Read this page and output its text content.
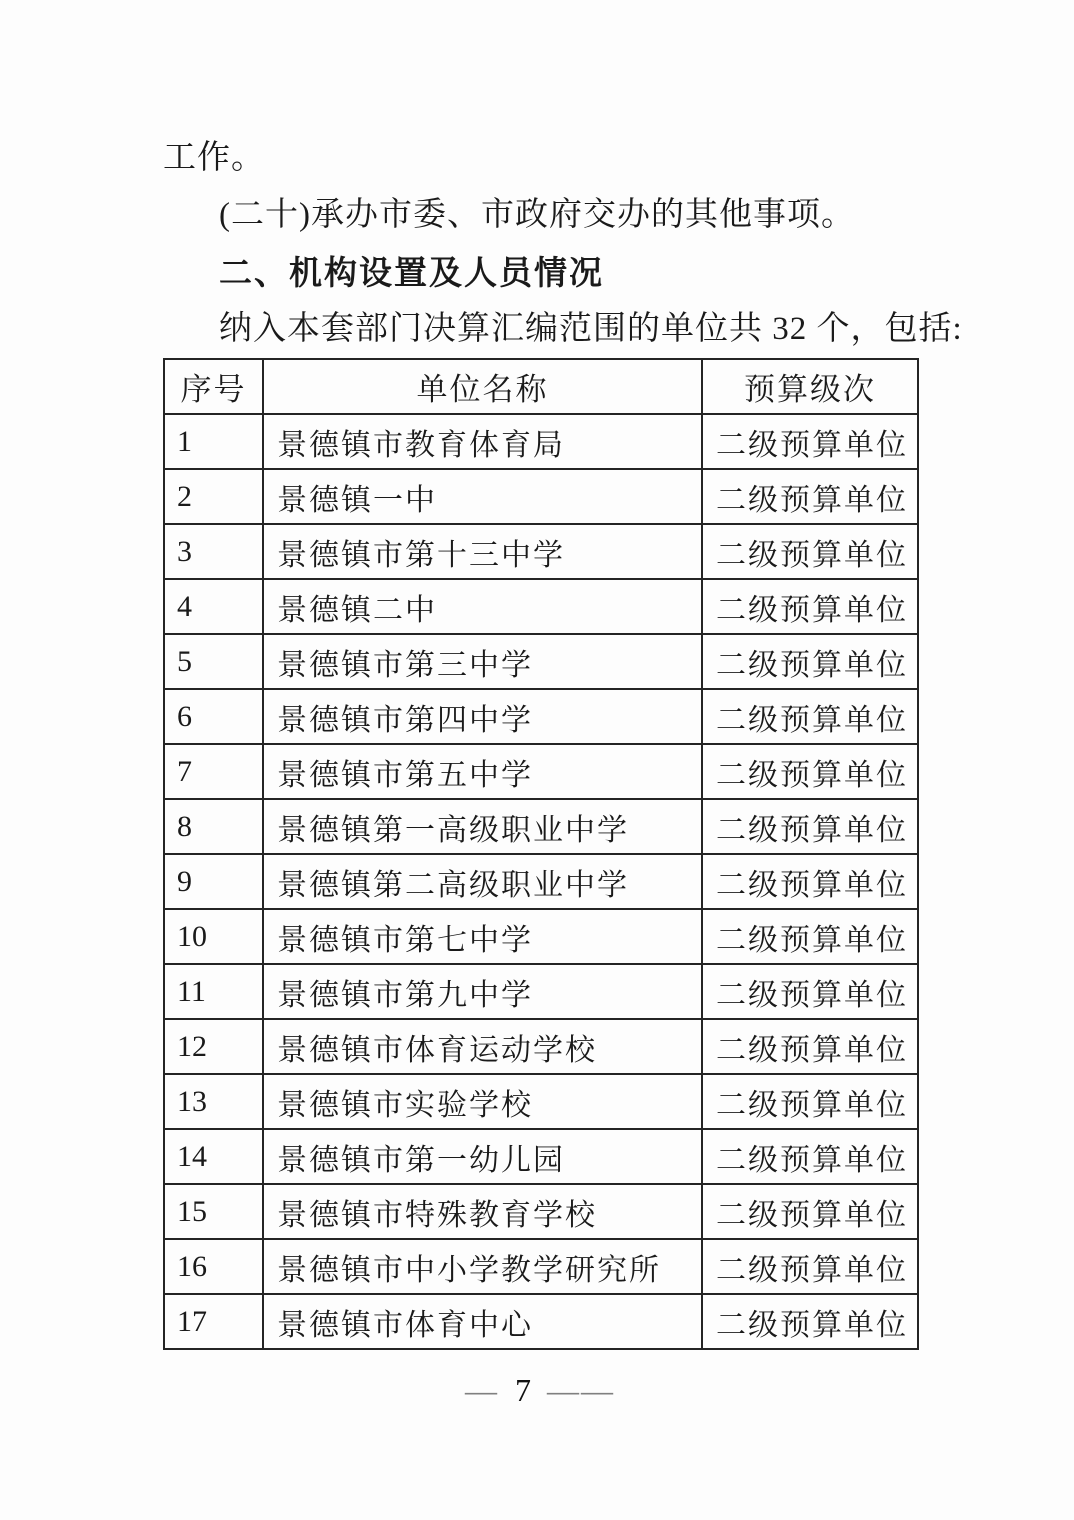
工作。

(二十)承办市委、市政府交办的其他事项。

二、机构设置及人员情况

纳入本套部门决算汇编范围的单位共 32 个，包括:

序号	单位名称	预算级次
1	景德镇市教育体育局	二级预算单位
2	景德镇一中	二级预算单位
3	景德镇市第十三中学	二级预算单位
4	景德镇二中	二级预算单位
5	景德镇市第三中学	二级预算单位
6	景德镇市第四中学	二级预算单位
7	景德镇市第五中学	二级预算单位
8	景德镇第一高级职业中学	二级预算单位
9	景德镇第二高级职业中学	二级预算单位
10	景德镇市第七中学	二级预算单位
11	景德镇市第九中学	二级预算单位
12	景德镇市体育运动学校	二级预算单位
13	景德镇市实验学校	二级预算单位
14	景德镇市第一幼儿园	二级预算单位
15	景德镇市特殊教育学校	二级预算单位
16	景德镇市中小学教学研究所	二级预算单位
17	景德镇市体育中心	二级预算单位
— 7 ——
